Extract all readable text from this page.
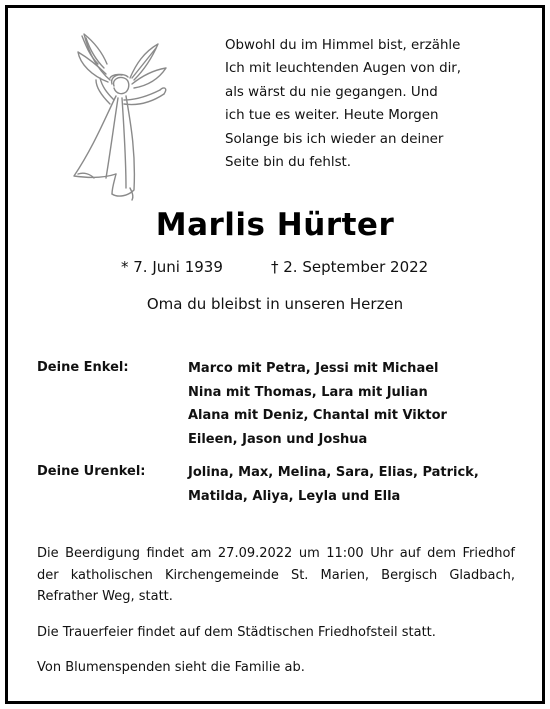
Obwohl du im Himmel bist, erzähle
Ich mit leuchtenden Augen von dir,
als wärst du nie gegangen. Und
ich tue es weiter. Heute Morgen
Solange bis ich wieder an deiner
Seite bin du fehlst.
Marlis Hürter
* 7. Juni 1939	† 2. September 2022
Oma du bleibst in unseren Herzen
Deine Enkel:	Marco mit Petra, Jessi mit Michael
Nina mit Thomas, Lara mit Julian
Alana mit Deniz, Chantal mit Viktor
Eileen, Jason und Joshua
Deine Urenkel:	Jolina, Max, Melina, Sara, Elias, Patrick,
Matilda, Aliya, Leyla und Ella
Die Beerdigung findet am 27.09.2022 um 11:00 Uhr auf dem Friedhof der katholischen Kirchengemeinde St. Marien, Bergisch Gladbach, Refrather Weg, statt.
Die Trauerfeier findet auf dem Städtischen Friedhofsteil statt.
Von Blumenspenden sieht die Familie ab.
